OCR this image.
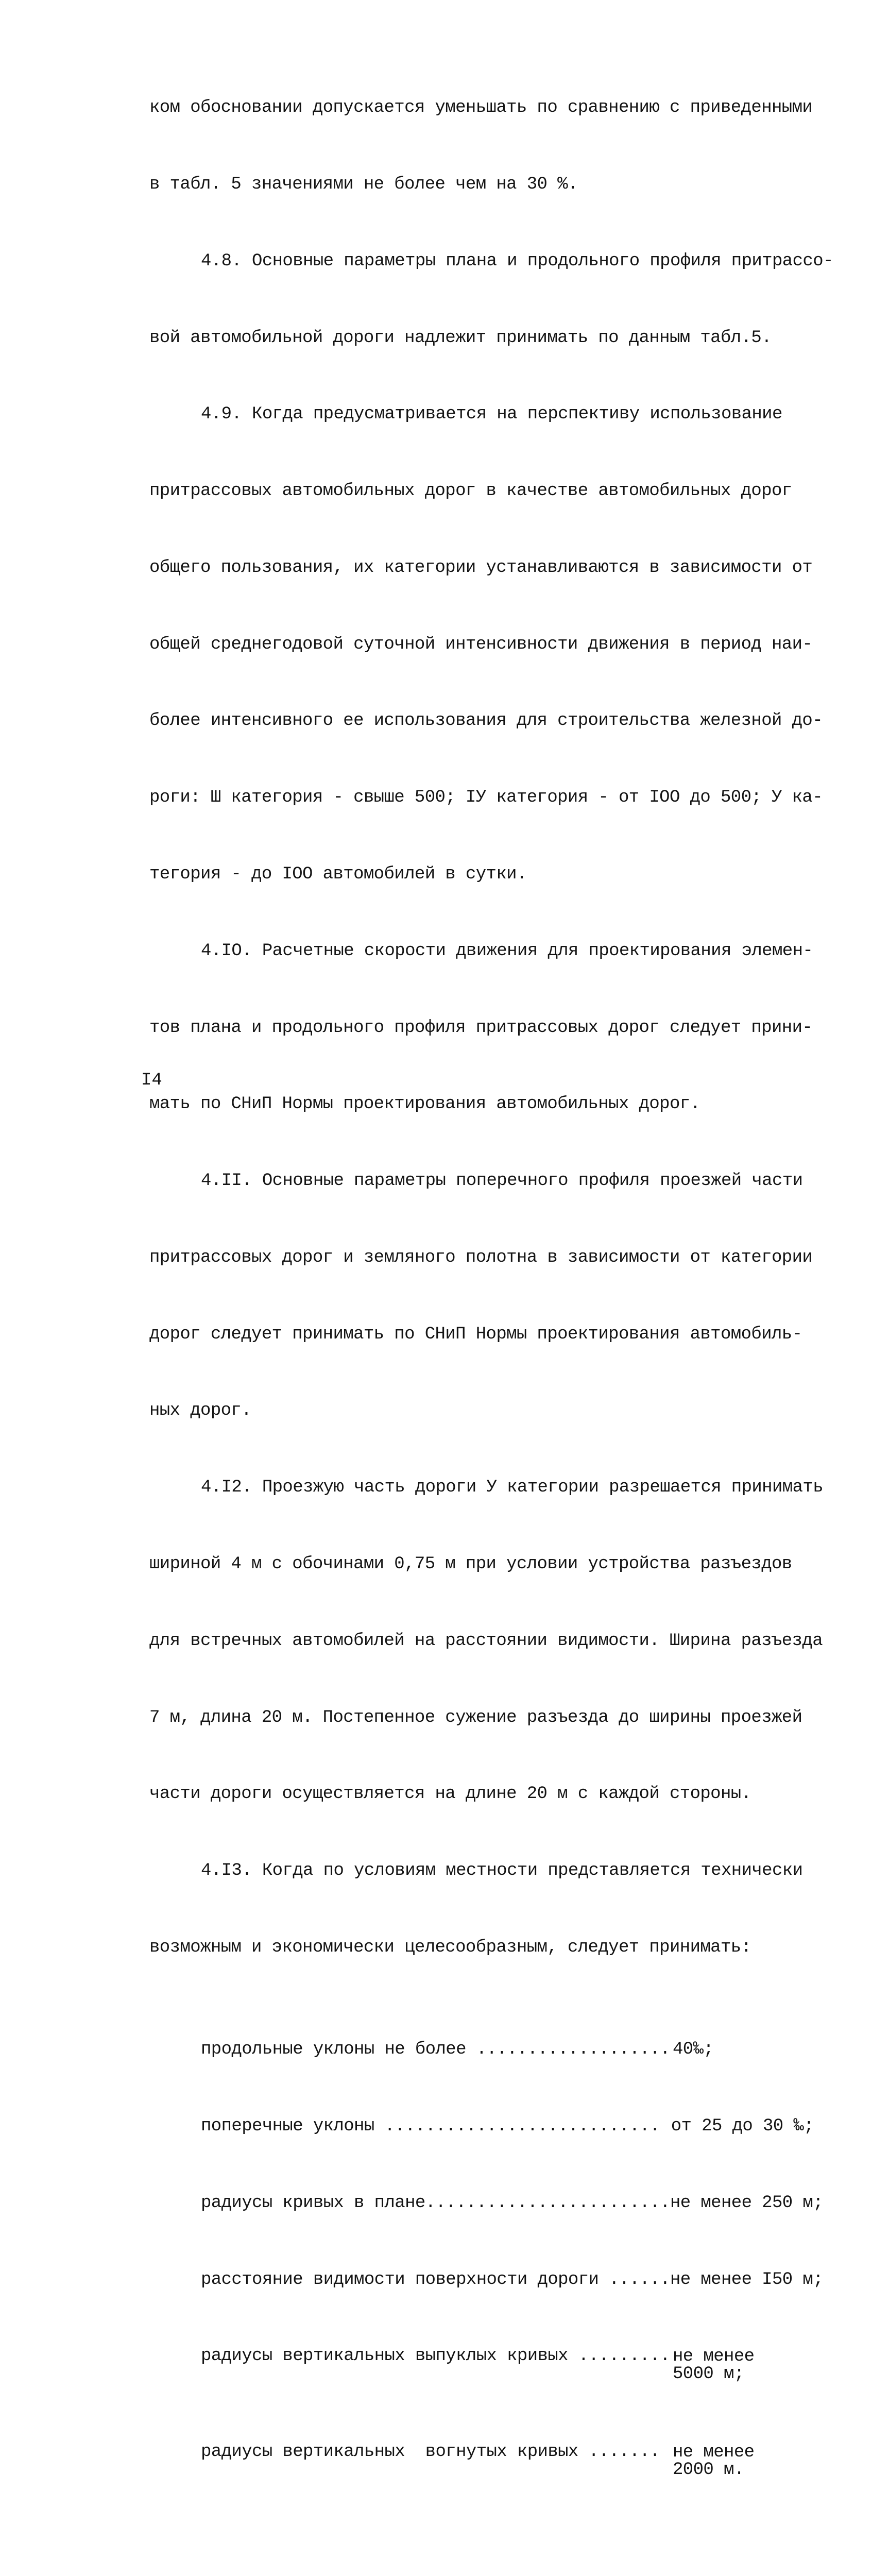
ком обосновании допускается уменьшать по сравнению с приведенными

в табл. 5 значениями не более чем на 30 %.

4.8. Основные параметры плана и продольного профиля притрассо-

вой автомобильной дороги надлежит принимать по данным табл.5.

4.9. Когда предусматривается на перспективу использование

притрассовых автомобильных дорог в качестве автомобильных дорог

общего пользования, их категории устанавливаются в зависимости от

общей среднегодовой суточной интенсивности движения в период наи-

более интенсивного ее использования для строительства железной до-

роги: Ш категория - свыше 500; IУ категория - от IОО до 500; У ка-

тегория - до IОО автомобилей в сутки.

4.IО. Расчетные скорости движения для проектирования элемен-

тов плана и продольного профиля притрассовых дорог следует прини-

мать по СНиП Нормы проектирования автомобильных дорог.

4.II. Основные параметры поперечного профиля проезжей части

притрассовых дорог и земляного полотна в зависимости от категории

дорог следует принимать по СНиП Нормы проектирования автомобиль-

ных дорог.

4.I2. Проезжую часть дороги У категории разрешается принимать

шириной 4 м с обочинами 0,75 м при условии устройства разъездов

для встречных автомобилей на расстоянии видимости. Ширина разъезда

7 м, длина 20 м. Постепенное сужение разъезда до ширины проезжей

части дороги осуществляется на длине 20 м с каждой стороны.

4.I3. Когда по условиям местности представляется технически

возможным и экономически целесообразным, следует принимать:

продольные уклоны не более ................... 40‰;

поперечные уклоны ........................... от 25 до 30 ‰;

радиусы кривых в плане........................ не менее 250 м;

расстояние видимости поверхности дороги ...... не менее I50 м;

радиусы вертикальных выпуклых кривых ......... не менее
5000 м;

радиусы вертикальных  вогнутых кривых ....... не менее
2000 м.

I4
